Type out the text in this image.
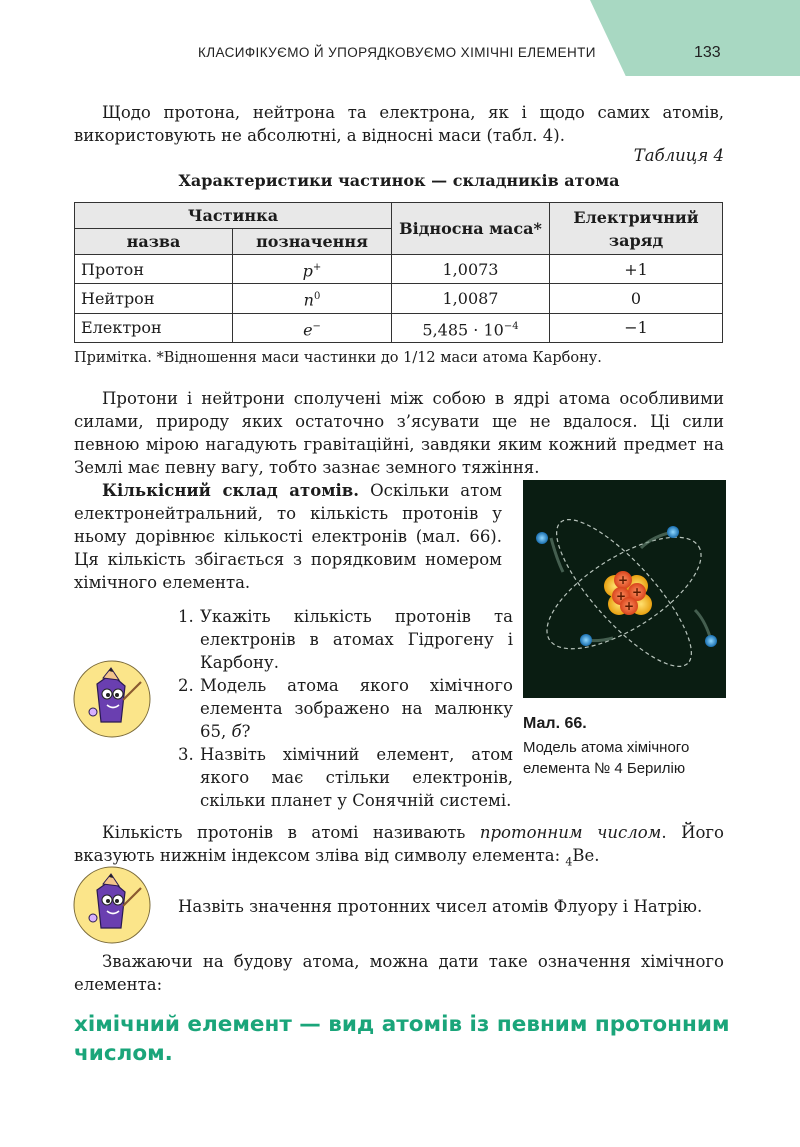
КЛАСИФІКУЄМО Й УПОРЯДКОВУЄМО ХІМІЧНІ ЕЛЕМЕНТИ	133

Щодо протона, нейтрона та електрона, як і щодо самих атомів, використовують не абсолютні, а відносні маси (табл. 4).

Таблиця 4
Характеристики частинок — складників атома
Частинка		Відносна маса*	Електричний заряд
назва	позначення		
Протон	p+	1,0073	+1
Нейтрон	$n^0$	1,0087	0
Електрон	e−	$5,485 \cdot 10^{-4}$	−1
Примітка. *Відношення маси частинки до 1/12 маси атома Карбону.

Протони і нейтрони сполучені між собою в ядрі атома особливими силами, природу яких остаточно з’ясувати ще не вдалося. Ці сили певною мірою нагадують гравітаційні, завдяки яким кожний предмет на Землі має певну вагу, тобто зазнає земного тяжіння.

Кількісний склад атомів. Оскільки атом електронейтральний, то кількість протонів у ньому дорівнює кількості електронів (мал. 66). Ця кількість збігається з порядковим номером хімічного елемента.	+
+
+
+
Мал. 66.
Модель атома хімічного елемента № 4 Берилію
1. Укажіть кількість протонів та електронів в атомах Гідрогену і Карбону.
2. Модель атома якого хімічного елемента зображено на малюнку 65, б?
3. Назвіть хімічний елемент, атом якого має стільки електронів, скільки планет у Сонячній системі.

Кількість протонів в атомі називають протонним числом. Його вказують нижнім індексом зліва від символу елемента: $_4$Be.

Назвіть значення протонних чисел атомів Флуору і Натрію.

Зважаючи на будову атома, можна дати таке означення хімічного елемента:

хімічний елемент — вид атомів із певним протонним числом.
